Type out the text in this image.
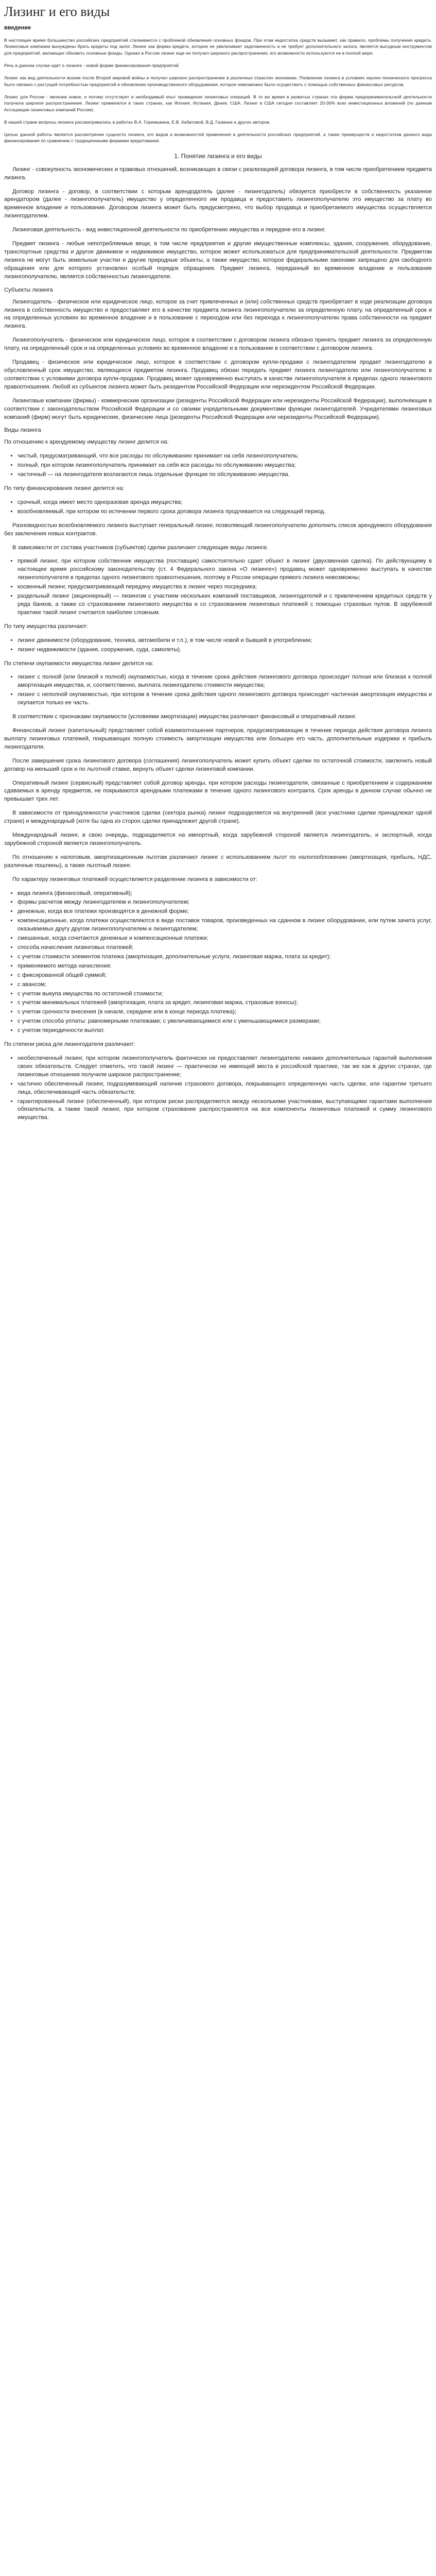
Лизинг и его виды
введение

В настоящее время большинство российских предприятий сталкивается с проблемой обновления основных фондов. При этом недостатка средств вызывает, как правило, проблемы получения кредита. Лизинговые компании вынуждены брать кредиты под залог. Лизинг как форма кредита, которое не увеличивает задолженность и не требует дополнительного залога, является выгодным инструментом для предприятий, желающих обновить основные фонды. Однако в России лизинг еще не получил широкого распространения, его возможности используются не в полной мере.

Речь в данном случае идет о лизинге - новой форме финансирования предприятий.

Лизинг как вид деятельности возник после Второй мировой войны и получил широкое распространение в различных отраслях экономики. Появление лизинга в условиях научно-технического прогресса было связано с растущей потребностью предприятий в обновлении производственного оборудования, которое невозможно было осуществить с помощью собственных финансовых ресурсов.

Лизинг для России - явление новое, и потому отсутствует и необходимый опыт проведения лизинговых операций. В то же время в развитых странах эта форма предпринимательской деятельности получила широкое распространение. Лизинг применялся в таких странах, как Япония, Испания, Дания, США. Лизинг в США сегодня составляет 20-30% всех инвестиционных вложений (по данным Ассоциации лизинговых компаний России).

В нашей стране вопросы лизинга рассматривались в работах В.А. Горемыкина, Е.В. Кабатовой, В.Д. Газмана и других авторов.

Целью данной работы является рассмотрение сущности лизинга, его видов и возможностей применения в деятельности российских предприятий, а также преимуществ и недостатков данного вида финансирования по сравнению с традиционными формами кредитования.

1. Понятие лизинга и его виды

Лизинг - совокупность экономических и правовых отношений, возникающих в связи с реализацией договора лизинга, в том числе приобретением предмета лизинга.

Договор лизинга - договор, в соответствии с которым арендодатель (далее - лизингодатель) обязуется приобрести в собственность указанное арендатором (далее - лизингополучатель) имущество у определенного им продавца и предоставить лизингополучателю это имущество за плату во временное владение и пользование. Договором лизинга может быть предусмотрено, что выбор продавца и приобретаемого имущества осуществляется лизингодателем.

Лизинговая деятельность - вид инвестиционной деятельности по приобретению имущества и передаче его в лизинг.

Предмет лизинга - любые непотребляемые вещи, в том числе предприятия и другие имущественные комплексы, здания, сооружения, оборудование, транспортные средства и другое движимое и недвижимое имущество, которое может использоваться для предпринимательской деятельности. Предметом лизинга не могут быть земельные участки и другие природные объекты, а также имущество, которое федеральными законами запрещено для свободного обращения или для которого установлен особый порядок обращения. Предмет лизинга, переданный во временное владение и пользование лизингополучателю, является собственностью лизингодателя.

Субъекты лизинга

Лизингодатель - физическое или юридическое лицо, которое за счет привлеченных и (или) собственных средств приобретает в ходе реализации договора лизинга в собственность имущество и предоставляет его в качестве предмета лизинга лизингополучателю за определенную плату, на определенный срок и на определенных условиях во временное владение и в пользование с переходом или без перехода к лизингополучателю права собственности на предмет лизинга.

Лизингополучатель - физическое или юридическое лицо, которое в соответствии с договором лизинга обязано принять предмет лизинга за определенную плату, на определенный срок и на определенных условиях во временное владение и в пользование в соответствии с договором лизинга.

Продавец - физическое или юридическое лицо, которое в соответствии с договором купли-продажи с лизингодателем продает лизингодателю в обусловленный срок имущество, являющееся предметом лизинга. Продавец обязан передать предмет лизинга лизингодателю или лизингополучателю в соответствии с условиями договора купли-продажи. Продавец может одновременно выступать в качестве лизингополучателя в пределах одного лизингового правоотношения. Любой из субъектов лизинга может быть резидентом Российской Федерации или нерезидентом Российской Федерации.

Лизинговые компании (фирмы) - коммерческие организации (резиденты Российской Федерации или нерезиденты Российской Федерации), выполняющие в соответствии с законодательством Российской Федерации и со своими учредительными документами функции лизингодателей. Учредителями лизинговых компаний (фирм) могут быть юридические, физические лица (резиденты Российской Федерации или нерезиденты Российской Федерации).

Виды лизинга

По отношению к арендуемому имуществу лизинг делится на:

• чистый, предусматривающий, что все расходы по обслуживанию принимает на себя лизингополучатель;
• полный, при котором лизингополучатель принимает на себя все расходы по обслуживанию имущества;
• частичный — на лизингодателя возлагаются лишь отдельные функции по обслуживанию имущества.

По типу финансирования лизинг делится на:

• срочный, когда имеет место одноразовая аренда имущества;
• возобновляемый, при котором по истечении первого срока договора лизинга продлевается на следующий период.

Разновидностью возобновляемого лизинга выступает генеральный лизинг, позволяющий лизингополучателю дополнить список арендуемого оборудования без заключения новых контрактов.

В зависимости от состава участников (субъектов) сделки различают следующие виды лизинга:

• прямой лизинг, при котором собственник имущества (поставщик) самостоятельно сдает объект в лизинг (двухзвенная сделка). По действующему в настоящее время российскому законодательству (ст. 4 Федерального закона «О лизинге») продавец может одновременно выступать в качестве лизингополучателя в пределах одного лизингового правоотношения, поэтому в России операции прямого лизинга невозможны;
• косвенный лизинг, предусматривающий передачу имущества в лизинг через посредника;
• раздельный лизинг (акционерный) — лизингом с участием нескольких компаний поставщиков, лизингодателей и с привлечением кредитных средств у ряда банков, а также со страхованием лизингового имущества и со страхованием лизинговых платежей с помощью страховых пулов. В зарубежной практике такой лизинг считается наиболее сложным.

По типу имущества различают:

• лизинг движимости (оборудование, техника, автомобили и т.п.), в том числе новой и бывшей в употреблении;
• лизинг недвижимости (здания, сооружения, суда, самолеты).

По степени окупаемости имущества лизинг делится на:

• лизинг с полной (или близкой к полной) окупаемостью, когда в течение срока действия лизингового договора происходит полная или близкая к полной амортизация имущества, и, соответственно, выплата лизингодателю стоимости имущества;
• лизинг с неполной окупаемостью, при котором в течение срока действия одного лизингового договора происходит частичная амортизация имущества и окупается только ее часть.

В соответствии с признаками окупаемости (условиями амортизации) имущества различают финансовый и оперативный лизинг.

Финансовый лизинг (капитальный) представляет собой взаимоотношения партнеров, предусматривающие в течение периода действия договора лизинга выплату лизинговых платежей, покрывающих полную стоимость амортизации имущества или большую его часть, дополнительные издержки и прибыль лизингодателя.

После завершения срока лизингового договора (соглашения) лизингополучатель может купить объект сделки по остаточной стоимости, заключить новый договор на меньший срок и по льготной ставке, вернуть объект сделки лизинговой компании.

Оперативный лизинг (сервисный) представляет собой договор аренды, при котором расходы лизингодателя, связанные с приобретением и содержанием сдаваемых в аренду предметов, не покрываются арендными платежами в течение одного лизингового контракта. Срок аренды в данном случае обычно не превышает трех лет.

В зависимости от принадлежности участников сделки (сектора рынка) лизинг подразделяется на внутренний (все участники сделки принадлежат одной стране) и международный (хотя бы одна из сторон сделки принадлежит другой стране).

Международный лизинг, в свою очередь, подразделяется на импортный, когда зарубежной стороной является лизингодатель, и экспортный, когда зарубежной стороной является лизингополучатель.

По отношению к налоговым, амортизационным льготам различают лизинг с использованием льгот по налогообложению (амортизация, прибыль, НДС, различные пошлины), а также льготный лизинг.

По характеру лизинговых платежей осуществляется разделение лизинга в зависимости от:

• вида лизинга (финансовый, оперативный);
• формы расчетов между лизингодателем и лизингополучателем;
• денежные, когда все платежи производятся в денежной форме;
• компенсационные, когда платежи осуществляются в виде поставок товаров, произведенных на сданном в лизинг оборудовании, или путем зачета услуг, оказываемых другу другом лизингополучателем и лизингодателем;
• смешанные, когда сочетаются денежные и компенсационные платежи;
• способа начисления лизинговых платежей;
• с учетом стоимости элементов платежа (амортизация, дополнительные услуги, лизинговая маржа, плата за кредит);
• применяемого метода начисления:
• с фиксированной общей суммой;
• с авансом;
• с учетом выкупа имущества по остаточной стоимости;
• с учетом минимальных платежей (амортизация, плата за кредит, лизинговая маржа, страховые взносы);
• с учетом срочности внесения (в начале, середине или в конце периода платежа);
• с учетом способа уплаты: равномерными платежами; с увеличивающимися или с уменьшающимися размерами;
• с учетом периодичности выплат.

По степени риска для лизингодателя различают:

• необеспеченный лизинг, при котором лизингополучатель фактически не предоставляет лизингодателю никаких дополнительных гарантий выполнения своих обязательств. Следует отметить, что такой лизинг — практически не имеющий места в российской практике, так же как в других странах, где лизинговые отношения получили широкое распространение;
• частично обеспеченный лизинг, подразумевающий наличие страхового договора, покрывающего определенную часть сделки, или гарантии третьего лица, обеспечивающей часть обязательств;
• гарантированный лизинг (обеспеченный), при котором риски распределяются между несколькими участниками, выступающими гарантами выполнения обязательств, а также такой лизинг, при котором страхование распространяется на все компоненты лизинговых платежей и сумму лизингового имущества.
